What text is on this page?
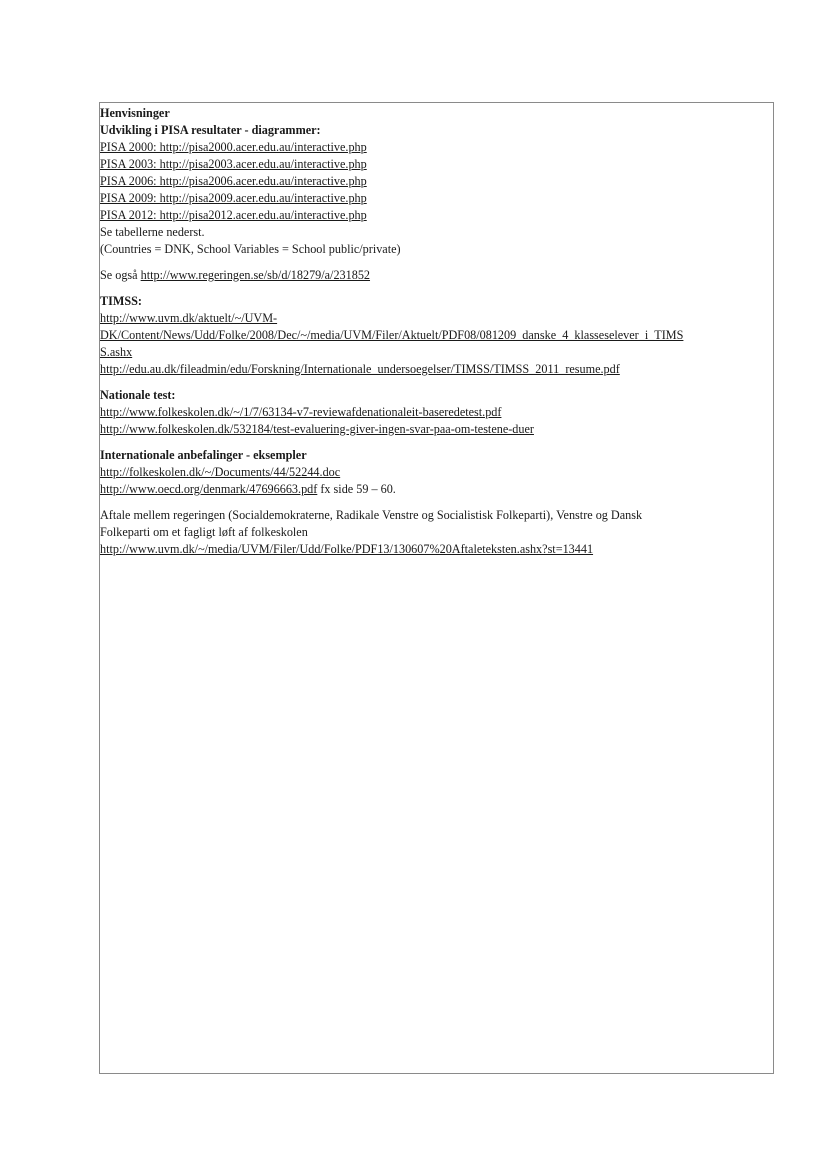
Henvisninger
Udvikling i PISA resultater - diagrammer:
PISA 2000: http://pisa2000.acer.edu.au/interactive.php
PISA 2003: http://pisa2003.acer.edu.au/interactive.php
PISA 2006: http://pisa2006.acer.edu.au/interactive.php
PISA 2009: http://pisa2009.acer.edu.au/interactive.php
PISA 2012: http://pisa2012.acer.edu.au/interactive.php
Se tabellerne nederst.
(Countries = DNK, School Variables = School public/private)
Se også http://www.regeringen.se/sb/d/18279/a/231852
TIMSS:
http://www.uvm.dk/aktuelt/~/UVM-
DK/Content/News/Udd/Folke/2008/Dec/~/media/UVM/Filer/Aktuelt/PDF08/081209_danske_4_klasseselever_i_TIMS
S.ashx
http://edu.au.dk/fileadmin/edu/Forskning/Internationale_undersoegelser/TIMSS/TIMSS_2011_resume.pdf
Nationale test:
http://www.folkeskolen.dk/~/1/7/63134-v7-reviewafdenationaleit-baseredetest.pdf
http://www.folkeskolen.dk/532184/test-evaluering-giver-ingen-svar-paa-om-testene-duer
Internationale anbefalinger - eksempler
http://folkeskolen.dk/~/Documents/44/52244.doc
http://www.oecd.org/denmark/47696663.pdf fx side 59 – 60.
Aftale mellem regeringen (Socialdemokraterne, Radikale Venstre og Socialistisk Folkeparti), Venstre og Dansk
Folkeparti om et fagligt løft af folkeskolen
http://www.uvm.dk/~/media/UVM/Filer/Udd/Folke/PDF13/130607%20Aftaleteksten.ashx?st=13441
